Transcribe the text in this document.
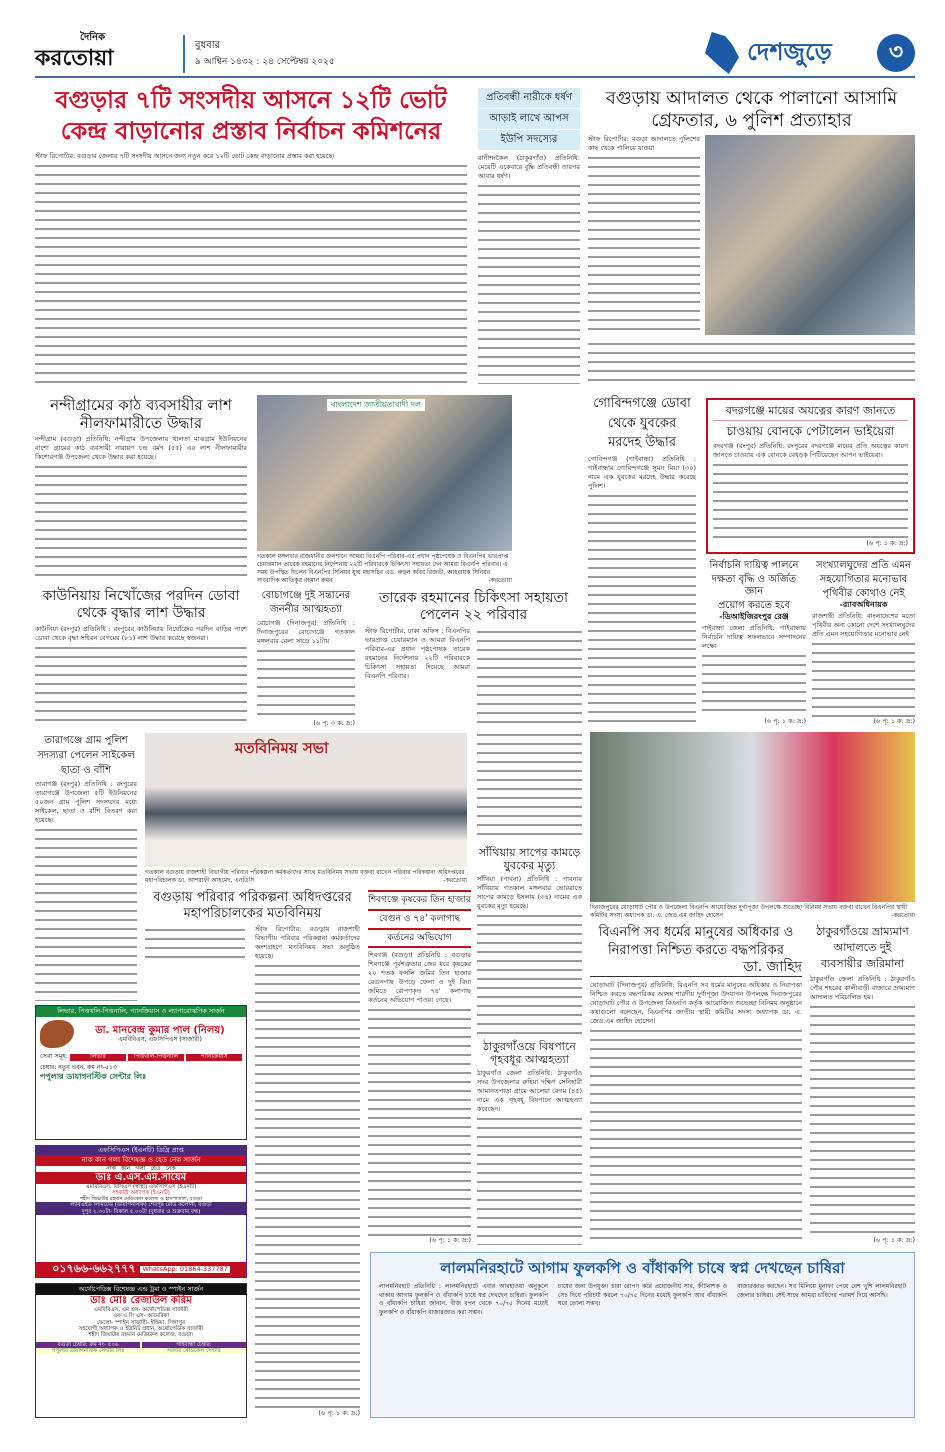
দৈনিক
করতোয়া	বুধবার
৯ আশ্বিন ১৪৩২ : ২৪ সেপ্টেম্বর ২০২৫	দেশজুড়ে	৩
বগুড়ার ৭টি সংসদীয় আসনে ১২টি ভোট
কেন্দ্র বাড়ানোর প্রস্তাব নির্বাচন কমিশনের
স্টাফ রিপোর্টার: বগুড়ার জেলার ৭টি সংসদীয় আসনে জন্য নতুন করে ১২টি ভোট কেন্দ্র বাড়ানোর প্রস্তাব করা হয়েছে।
প্রতিবন্ধী নারীকে ধর্ষণ
আড়াই লাখে আপস
ইউপি সদস্যের
রানীশংকৈল (ঠাকুরগাঁও) প্রতিনিধি: মেয়েটি একেবারে বুদ্ধি প্রতিবন্ধী তারপর আবার ধর্ষণ।
বগুড়ায় আদালত থেকে পালানো আসামি
গ্রেফতার, ৬ পুলিশ প্রত্যাহার
স্টাফ রিপোর্টার: বগুড়া আদালতে পুলিশের কাছ থেকে পালিয়ে যাওয়া
নন্দীগ্রামের কাঠ ব্যবসায়ীর লাশ
নীলফামারীতে উদ্ধার
নন্দীগ্রাম (বগুড়া) প্রতিনিধি: নন্দীগ্রাম উপজেলার থালতা মাঝগ্রাম ইউনিয়নের বাশো গ্রামের কাঠ ব্যবসায়ী নারায়ণ চন্দ্র বর্মণ (৫৫) এর লাশ নীলফামারীর কিশোরগঞ্জ উপজেলা থেকে উদ্ধার করা হয়েছে।
বাংলাদেশ জাতীয়তাবাদী দল
গতকাল মঙ্গলবার রাজধানীর গুলশানে আমরা বিএনপি পরিবার-এর প্রধান পৃষ্ঠপোষক ও বিএনপির ভারপ্রাপ্ত চেয়ারম্যান তারেক রহমানের নির্দেশনায় ২২টি পরিবারকে চিকিৎসা সহায়তা দেন আমরা বিএনপি পরিবার। এ সময় উপস্থিত ছিলেন বিএনপির সিনিয়র যুগ্ম মহাসচিব এড. রুহুল কবির রিজভী, আহবায়ক সিনিয়র সাংবাদিক আতিকুর রহমান রুমন	-করতোয়া
গোবিন্দগঞ্জে ডোবা
থেকে যুবকের
মরদেহ উদ্ধার
গোবিন্দগঞ্জ (গাইবান্ধা) প্রতিনিধি : গাইবান্ধার গোবিন্দগঞ্জে সুমন মিয়া (৩০) নামে এক যুবকের মরদেহ উদ্ধার করেছে পুলিশ।
বদরগঞ্জে মায়ের অযত্নের কারণ জানতে
চাওয়ায় বোনকে পেটালেন ভাইয়েরা
বদরগঞ্জ (রংপুর) প্রতিনিধি: রংপুরের বদরগঞ্জে মায়ের প্রতি অযত্নের কারণ জানতে চাওয়ায় এক বোনকে বেধড়ক পিটিয়েছেন আপন ভাইয়েরা।
(৬ পৃ: ১ ক: দ্র:)
কাউনিয়ায় নিখোঁজের পরদিন ডোবা
থেকে বৃদ্ধার লাশ উদ্ধার
কাউনিয়া (রংপুর) প্রতিনিধি : রংপুরের কাউনিয়ায় নিখোঁজের পরদিন বাড়ির পাশে ডোবা থেকে বৃদ্ধা সহিরন বেগমের (৮১) লাশ উদ্ধার করেছে স্বজনরা।
বোচাগঞ্জে দুই সন্তানের
জননীর আত্মহত্যা
বোচাগঞ্জ (দিনাজপুর) প্রতিনিধি : দিনাজপুরের বোচাগঞ্জে গতকাল মঙ্গলবার বেলা সাড়ে ১১টায়
(৬ পৃ: ৩ ক: দ্র:)
তারেক রহমানের চিকিৎসা সহায়তা
পেলেন ২২ পরিবার
স্টাফ রিপোর্টার, ঢাকা অফিস : বিএনপির ভারপ্রাপ্ত চেয়ারম্যান ও আমরা বিএনপি পরিবার-এর প্রধান পৃষ্ঠপোষক তারেক রহমানের নির্দেশনায় ২২টি পরিবারকে চিকিৎসা সহায়তা দিয়েছে আমরা বিএনপি পরিবার।
নির্বাচনি দায়িত্ব পালনে
দক্ষতা বৃদ্ধি ও অর্জিত জ্ঞান
প্রয়োগ করতে হবে
-ডিআইজিরংপুর রেঞ্জ
গাইবান্ধা জেলা প্রতিনিধি: গাইবান্ধায় নির্বাচনি দায়িত্ব সফলভাবে সম্পাদনের লক্ষ্যে
(৬ পৃ: ১ ক: দ্র:)
সংখ্যালঘুদের প্রতি এমন
সহযোগিতার মনোভাব
পৃথিবীর কোথাও নেই
-র‌্যাবঅধিনায়ক
রাজশাহী প্রতিনিধি: বাংলাদেশের মতো পৃথিবীর অন্য কোনো দেশে সংখ্যালঘুদের প্রতি এমন সহযোগিতার মনোভাব নেই
(৬ পৃ: ১ ক: দ্র:)
তারাগঞ্জে গ্রাম পুলিশ
সদস্যরা পেলেন সাইকেল
ছাতা ও বাঁশি
তারাগঞ্জ (রংপুর) প্রতিনিধি : রংপুরের তারাগঞ্জে উপজেলা ৫টি ইউনিয়নের ৫০জন গ্রাম পুলিশ সদস্যদের মধ্যে সাইকেল, ছাতা ও বাঁশি বিতরণ করা হয়েছে।
মতবিনিময় সভা
গতকাল বগুড়ায় রাজশাহী বিভাগীয় পরিবার পরিকল্পনা কর্মকর্তাদের সাথে মতবিনিময় সভায় বক্তব্য রাখেন পরিবার পরিকল্পনা অধিদপ্তরের মহাপরিচালক ডা. আশরাফী আহমেদ, এনডিসি	-করতোয়া
দিনাজপুরের ঘোড়াঘাট পৌর ও উপজেলা বিএনপি আয়োজিত দুর্গাপূজা উপলক্ষে শুভেচ্ছা বিনিময় সভায় বক্তব্য রাখেন বিএনপির স্থায়ী কমিটির সদস্য অধ্যাপক ডা. এ. জেড.এম জাহিদ হোসেন	-করতোয়া
সাঁথিয়ায় সাপের কামড়ে
যুবকের মৃত্যু
সাঁথিয়া (পাবনা) প্রতিনিধি : পাবনার সাঁথিয়ায় গতকাল মঙ্গলবার ভোররাতে সাপের কামড়ে ইসলাম (৩৪) নামের এক যুবকের মৃত্যু হয়েছে।
বগুড়ায় পরিবার পরিকল্পনা অধিদপ্তরের
মহাপরিচালকের মতবিনিময়
স্টাফ রিপোর্টার: বগুড়ায় রাজশাহী বিভাগীয় পরিবার পরিকল্পনা কর্মকর্তাদের অংশগ্রহণে মতবিনিময় সভা অনুষ্ঠিত হয়েছে।
(৬ পৃ: ১ ক: দ্র:)
শিবগঞ্জে কৃষকের তিন হাজার
বেগুন ও ৭৪' কলাগাছ
কর্তনের অভিযোগ
শিবগঞ্জ (বগুড়া) প্রতিনিধি : বগুড়ার শিবগঞ্জে পূর্বশত্রুতার জের ধরে কৃষকের ২০ শতক ফসলি জমির তিন হাজার বেগুনগাছ উপড়ে ফেলা ও দুই বিঘা জমিতে রোপণকৃত ৭৪' কলাগাছ কর্তনের অভিযোগ পাওয়া গেছে।
(৬ পৃ: ১ ক: দ্র:)
ঠাকুরগাঁওয়ে বিষপানে
গৃহবধূর আত্মহত্যা
ঠাকুরগাঁও জেলা প্রতিনিধি: ঠাকুরগাঁও সদর উপজেলার রুহিয়া দক্ষিণ সেনিহারী আমানতপাড়া গ্রামে আলেয়া বেগম (৪৫) নামে এক গৃহবধূ বিষপানে আত্মহত্যা করেছেন।
বিএনপি সব ধর্মের মানুষের অধিকার ও
নিরাপত্তা নিশ্চিত করতে বদ্ধপরিকর
ডা. জাহিদ
ঘোড়াঘাট (দিনাজপুর) প্রতিনিধি: বিএনপি সব ধর্মের মানুষের অধিকার ও নিরাপত্তা নিশ্চিত করতে বদ্ধপরিকর আসন্ন শারদীয় দুর্গাপূজা উদযাপন উপলক্ষে দিনাজপুরের ঘোড়াঘাট পৌর ও উপজেলা বিএনপি কর্তৃক আয়োজিত শুভেচ্ছা বিনিময় অনুষ্ঠানে কথাগুলো বলেছেন, বিএনপির জাতীয় স্থায়ী কমিটির সদস্য অধ্যাপক ডা. এ. জেড.এম জাহিদ হোসেন।
ঠাকুরগাঁওয়ে ভ্রাম্যমাণ
আদালতে দুই
ব্যবসায়ীর জরিমানা
ঠাকুরগাঁও জেলা প্রতিনিধি : ঠাকুরগাঁও পৌর শহরের কালীবাড়ী বাজারে ভ্রাম্যমাণ আদালত পরিচালিত হয়।
(৬ পৃ: ১ ক: দ্র:)
লালমনিরহাটে আগাম ফুলকপি ও বাঁধাকপি চাষে স্বপ্ন দেখছেন চাষিরা
লালমনিরহাট প্রতিনিধি : লালমনিরহাটে এবার আবহাওয়া অনুকূলে থাকায় আগাম ফুলকপি ও বাঁধাকপি চাষে স্বপ্ন দেখছেন চাষিরা। ফুলকপি ও বাঁধাকপি চাষিরা জানান, বীজ বপন থেকে ৭০/৭৫ দিনের মধ্যেই ফুলকপি ও বাঁধাকপি বাজারজাত করা সম্ভব।
চাষের জন্য উপযুক্ত। চারা রোপণ করে প্রয়োজনীয় সার, কীটনাশক ও সেচ দিয়ে পরিচর্যা করলে ৭০/৭৫ দিনের মধ্যেই ফুলকপি আর বাঁধাকপি ঘরে তোলা সম্ভব।
বাজারজাত করছেন। সব মিলিয়ে মুনাফা পেয়ে বেশ খুশি লালমনিরহাট জেলার চাষিরা। সেই সাথে আমরা চাষিদের পরামর্শ দিয়ে আসছি।
লিভার, পিত্তথলি-পিত্তনালি, প্যানক্রিয়াস ও ল্যাপারোস্কপিক সার্জন
ডা. মানবেন্দ্র কুমার পাল (নিলয়)
এমবিবিএস, এফসিপিএস (সার্জারী)
সেবা সমূহ:	লিভার	পিত্তথলি-পিত্তনালি	প্যানক্রিয়াস
চেম্বার: নতুন ভবন, রুম নং-৫১৩
পপুলার ডায়াগনস্টিক সেন্টার লিঃ
এফসিপিএস (ইএনটি) ডিগ্রি প্রাপ্ত
নাক কান গলা বিশেষজ্ঞ ও হেড নেক সার্জন
নাক কান গলা হেড নেক
ডাঃ এ.এস.এম.সায়েম
এমবিবিএস, বিসিএস (স্বাস্থ্য) এফসিপিএস (ইএনটি)
সহকারী অধ্যাপক (ইএনটি)
শহীদ জিয়াউর রহমান মেডিকেল কলেজ ও হাসপাতাল, বগুড়া
ল্যাবএইড লিমিটেড (ডায়াগনস্টিক) শেরপুর রোড কলোনী, বগুড়া
দুপুর ২.৩০টা- বিকাল ৫.০০টা (বুধবার ও শুক্রবার বন্ধ)
০১৭৬৬-৬৬২৭৭৭	WhatsApp: 01864-337787
অর্থোপেডিক্স বিশেষজ্ঞ এন্ড ট্রমা ও স্পাইন সার্জন
ডাঃ মোঃ রেজাউল করিম
এমবিবিএস, এম এস- অর্থোপেডিক্স সার্জারী
এফ এ সি এস- আমেরিকা
ফেলো- স্পাইন সার্জারী- ইন্ডিয়া, সিঙ্গাপুর
সহযোগী অধ্যাপক ও ইউনিট প্রধান, অর্থোপেডিক সার্জারী
শহীদ জিয়াউর রহমান মেডিকেল কলেজ, বগুড়া।
বগুড়া চেম্বার: রুম নং- ৫০৬
পপুলার ডায়াগনস্টিক সেন্টার লিঃ
গাইবান্ধা চেম্বার:
সরদার মেডিকেল সেন্টার
